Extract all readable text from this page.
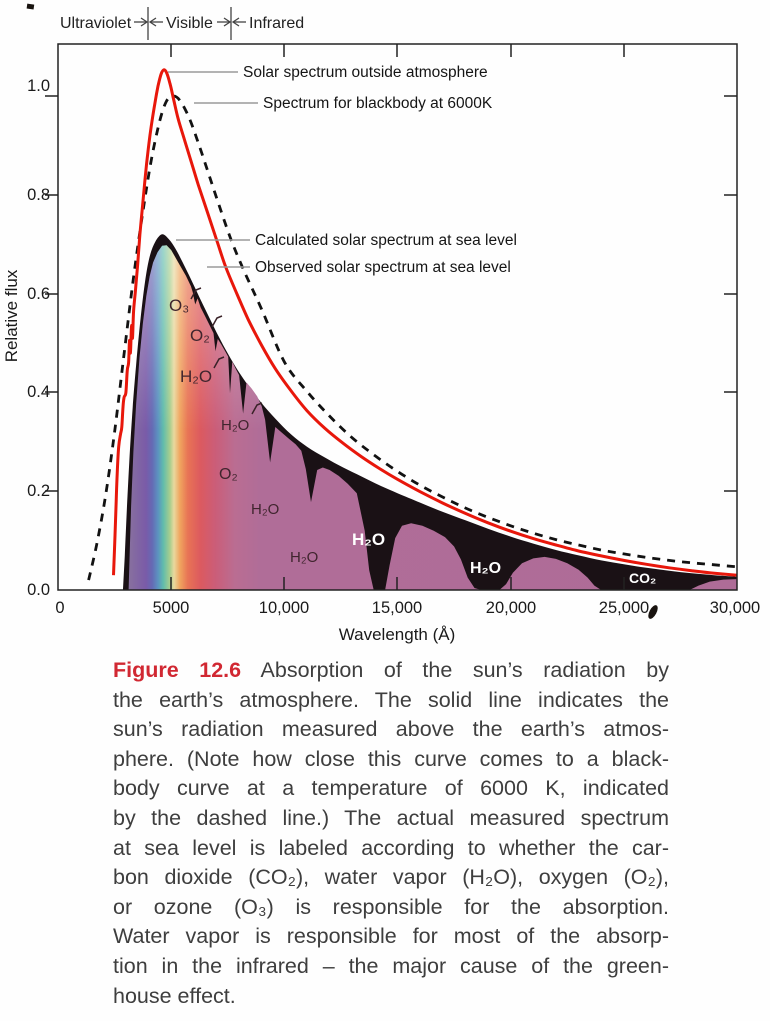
Ultraviolet Visible Infrared
1.0
0.8
0.6
0.4
0.2
0.0
0	5000	10,000	15,000	20,000	25,000	30,000
Wavelength (Å)
Relative flux
Solar spectrum outside atmosphere
Spectrum for blackbody at 6000K
Calculated solar spectrum at sea level
Observed solar spectrum at sea level
O₃
O₂
H₂O
H₂O
O₂
H₂O
H₂O
H₂O
H₂O
CO₂
Figure 12.6 Absorption of the sun’s radiation by
the earth’s atmosphere. The solid line indicates the
sun’s radiation measured above the earth’s atmos-
phere. (Note how close this curve comes to a black-
body curve at a temperature of 6000 K, indicated
by the dashed line.) The actual measured spectrum
at sea level is labeled according to whether the car-
bon dioxide (CO₂), water vapor (H₂O), oxygen (O₂),
or ozone (O₃) is responsible for the absorption.
Water vapor is responsible for most of the absorp-
tion in the infrared – the major cause of the green-
house effect.
